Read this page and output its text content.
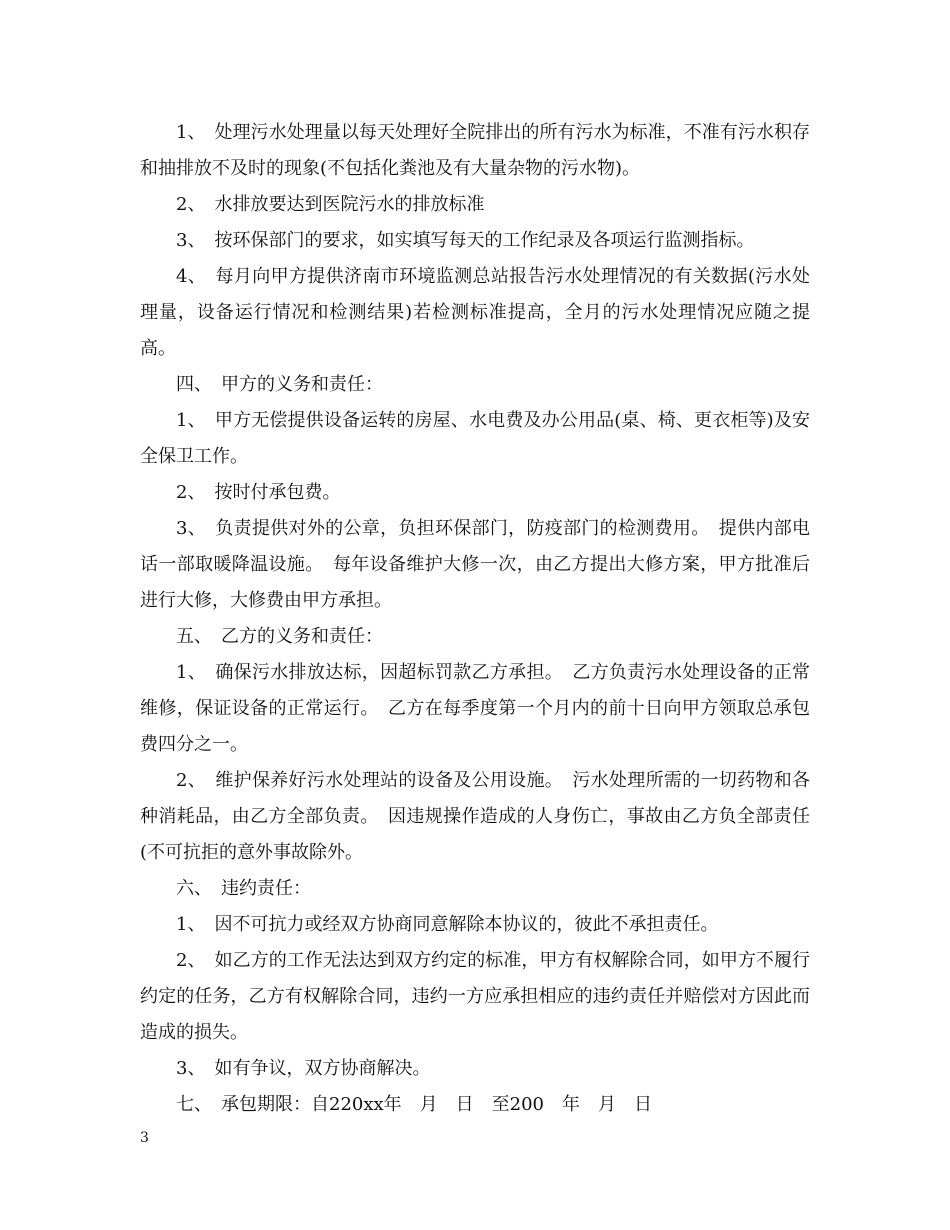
1、　处理污水处理量以每天处理好全院排出的所有污水为标准，不准有污水积存和抽排放不及时的现象(不包括化粪池及有大量杂物的污水物)。

2、　水排放要达到医院污水的排放标准

3、　按环保部门的要求，如实填写每天的工作纪录及各项运行监测指标。

4、　每月向甲方提供济南市环境监测总站报告污水处理情况的有关数据(污水处理量，设备运行情况和检测结果)若检测标准提高，全月的污水处理情况应随之提高。

四、　甲方的义务和责任：

1、　甲方无偿提供设备运转的房屋、水电费及办公用品(桌、椅、更衣柜等)及安全保卫工作。

2、　按时付承包费。

3、　负责提供对外的公章，负担环保部门，防疫部门的检测费用。　提供内部电话一部取暖降温设施。　每年设备维护大修一次，由乙方提出大修方案，甲方批准后进行大修，大修费由甲方承担。

五、　乙方的义务和责任：

1、　确保污水排放达标，因超标罚款乙方承担。　乙方负责污水处理设备的正常维修，保证设备的正常运行。　乙方在每季度第一个月内的前十日向甲方领取总承包费四分之一。

2、　维护保养好污水处理站的设备及公用设施。　污水处理所需的一切药物和各种消耗品，由乙方全部负责。　因违规操作造成的人身伤亡，事故由乙方负全部责任(不可抗拒的意外事故除外。

六、　违约责任：

1、　因不可抗力或经双方协商同意解除本协议的，彼此不承担责任。

2、　如乙方的工作无法达到双方约定的标准，甲方有权解除合同，如甲方不履行约定的任务，乙方有权解除合同，违约一方应承担相应的违约责任并赔偿对方因此而造成的损失。

3、　如有争议，双方协商解决。

七、　承包期限：自220xx年　月　日　至200　年　月　日

3
